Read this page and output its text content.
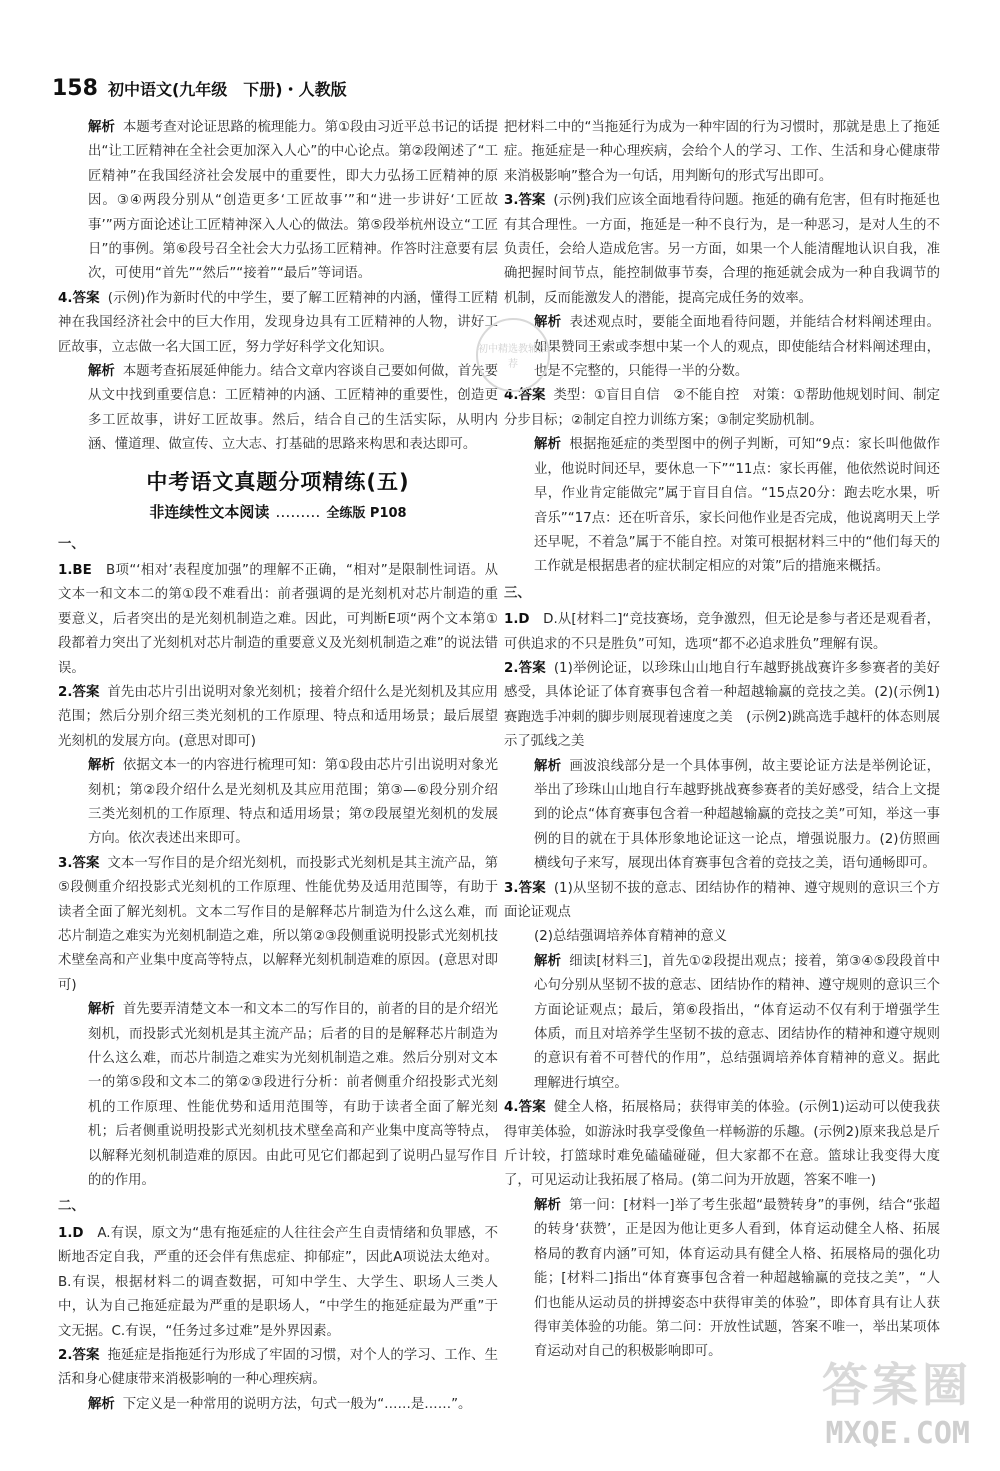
158 初中语文(九年级　下册)・人教版

解析 本题考查对论证思路的梳理能力。第①段由习近平总书记的话提出“让工匠精神在全社会更加深入人心”的中心论点。第②段阐述了“工匠精神”在我国经济社会发展中的重要性，即大力弘扬工匠精神的原因。③④两段分别从“创造更多‘工匠故事’”和“进一步讲好‘工匠故事’”两方面论述让工匠精神深入人心的做法。第⑤段举杭州设立“工匠日”的事例。第⑥段号召全社会大力弘扬工匠精神。作答时注意要有层次，可使用“首先”“然后”“接着”“最后”等词语。

4.答案 (示例)作为新时代的中学生，要了解工匠精神的内涵，懂得工匠精神在我国经济社会中的巨大作用，发现身边具有工匠精神的人物，讲好工匠故事，立志做一名大国工匠，努力学好科学文化知识。

解析 本题考查拓展延伸能力。结合文章内容谈自己要如何做，首先要从文中找到重要信息：工匠精神的内涵、工匠精神的重要性，创造更多工匠故事，讲好工匠故事。然后，结合自己的生活实际，从明内涵、懂道理、做宣传、立大志、打基础的思路来构思和表达即可。

中考语文真题分项精练(五)
非连续性文本阅读 ……… 全练版 P108

一、

1.BE　 B项“‘相对’表程度加强”的理解不正确，“相对”是限制性词语。从文本一和文本二的第①段不难看出：前者强调的是光刻机对芯片制造的重要意义，后者突出的是光刻机制造之难。因此，可判断E项“两个文本第①段都着力突出了光刻机对芯片制造的重要意义及光刻机制造之难”的说法错误。

2.答案 首先由芯片引出说明对象光刻机；接着介绍什么是光刻机及其应用范围；然后分别介绍三类光刻机的工作原理、特点和适用场景；最后展望光刻机的发展方向。(意思对即可)

解析 依据文本一的内容进行梳理可知：第①段由芯片引出说明对象光刻机；第②段介绍什么是光刻机及其应用范围；第③—⑥段分别介绍三类光刻机的工作原理、特点和适用场景；第⑦段展望光刻机的发展方向。依次表述出来即可。

3.答案 文本一写作目的是介绍光刻机，而投影式光刻机是其主流产品，第⑤段侧重介绍投影式光刻机的工作原理、性能优势及适用范围等，有助于读者全面了解光刻机。文本二写作目的是解释芯片制造为什么这么难，而芯片制造之难实为光刻机制造之难，所以第②③段侧重说明投影式光刻机技术壁垒高和产业集中度高等特点，以解释光刻机制造难的原因。(意思对即可)

解析 首先要弄清楚文本一和文本二的写作目的，前者的目的是介绍光刻机，而投影式光刻机是其主流产品；后者的目的是解释芯片制造为什么这么难，而芯片制造之难实为光刻机制造之难。然后分别对文本一的第⑤段和文本二的第②③段进行分析：前者侧重介绍投影式光刻机的工作原理、性能优势和适用范围等，有助于读者全面了解光刻机；后者侧重说明投影式光刻机技术壁垒高和产业集中度高等特点，以解释光刻机制造难的原因。由此可见它们都起到了说明凸显写作目的的作用。

二、

1.D　 A.有误，原文为“患有拖延症的人往往会产生自责情绪和负罪感，不断地否定自我，严重的还会伴有焦虑症、抑郁症”，因此A项说法太绝对。B.有误，根据材料二的调查数据，可知中学生、大学生、职场人三类人中，认为自己拖延症最为严重的是职场人，“中学生的拖延症最为严重”于文无据。C.有误，“任务过多过难”是外界因素。

2.答案 拖延症是指拖延行为形成了牢固的习惯，对个人的学习、工作、生活和身心健康带来消极影响的一种心理疾病。

解析 下定义是一种常用的说明方法，句式一般为“……是……”。

把材料二中的“当拖延行为成为一种牢固的行为习惯时，那就是患上了拖延症。拖延症是一种心理疾病，会给个人的学习、工作、生活和身心健康带来消极影响”整合为一句话，用判断句的形式写出即可。

3.答案 (示例)我们应该全面地看待问题。拖延的确有危害，但有时拖延也有其合理性。一方面，拖延是一种不良行为，是一种恶习，是对人生的不负责任，会给人造成危害。另一方面，如果一个人能清醒地认识自我，准确把握时间节点，能控制做事节奏，合理的拖延就会成为一种自我调节的机制，反而能激发人的潜能，提高完成任务的效率。

解析 表述观点时，要能全面地看待问题，并能结合材料阐述理由。如果赞同王索或李想中某一个人的观点，即使能结合材料阐述理由，也是不完整的，只能得一半的分数。

4.答案 类型：①盲目自信　②不能自控　对策：①帮助他规划时间、制定分步目标；②制定自控力训练方案；③制定奖励机制。

解析 根据拖延症的类型图中的例子判断，可知“9点：家长叫他做作业，他说时间还早，要休息一下”“11点：家长再催，他依然说时间还早，作业肯定能做完”属于盲目自信。“15点20分：跑去吃水果，听音乐”“17点：还在听音乐，家长问他作业是否完成，他说离明天上学还早呢，不着急”属于不能自控。对策可根据材料三中的“他们每天的工作就是根据患者的症状制定相应的对策”后的措施来概括。

三、

1.D　 D.从[材料二]“竞技赛场，竞争激烈，但无论是参与者还是观看者，可供追求的不只是胜负”可知，选项“都不必追求胜负”理解有误。

2.答案 (1)举例论证，以珍珠山山地自行车越野挑战赛许多参赛者的美好感受，具体论证了体育赛事包含着一种超越输赢的竞技之美。(2)(示例1)赛跑选手冲刺的脚步则展现着速度之美　(示例2)跳高选手越杆的体态则展示了弧线之美

解析 画波浪线部分是一个具体事例，故主要论证方法是举例论证，举出了珍珠山山地自行车越野挑战赛参赛者的美好感受，结合上文提到的论点“体育赛事包含着一种超越输赢的竞技之美”可知，举这一事例的目的就在于具体形象地论证这一论点，增强说服力。(2)仿照画横线句子来写，展现出体育赛事包含着的竞技之美，语句通畅即可。

3.答案 (1)从坚韧不拔的意志、团结协作的精神、遵守规则的意识三个方面论证观点

(2)总结强调培养体育精神的意义

解析 细读[材料三]，首先①②段提出观点；接着，第③④⑤段段首中心句分别从坚韧不拔的意志、团结协作的精神、遵守规则的意识三个方面论证观点；最后，第⑥段指出，“体育运动不仅有利于增强学生体质，而且对培养学生坚韧不拔的意志、团结协作的精神和遵守规则的意识有着不可替代的作用”，总结强调培养体育精神的意义。据此理解进行填空。

4.答案 健全人格，拓展格局；获得审美的体验。(示例1)运动可以使我获得审美体验，如游泳时我享受像鱼一样畅游的乐趣。(示例2)原来我总是斤斤计较，打篮球时难免磕磕碰碰，但大家都不在意。篮球让我变得大度了，可见运动让我拓展了格局。(第二问为开放题，答案不唯一)

解析 第一问：[材料一]举了考生张超“最赞转身”的事例，结合“张超的转身‘获赞’，正是因为他让更多人看到，体育运动健全人格、拓展格局的教育内涵”可知，体育运动具有健全人格、拓展格局的强化功能；[材料二]指出“体育赛事包含着一种超越输赢的竞技之美”，“人们也能从运动员的拼搏姿态中获得审美的体验”，即体育具有让人获得审美体验的功能。第二问：开放性试题，答案不唯一，举出某项体育运动对自己的积极影响即可。

初中精选教辅推荐
答案圈
MXQE.COM
